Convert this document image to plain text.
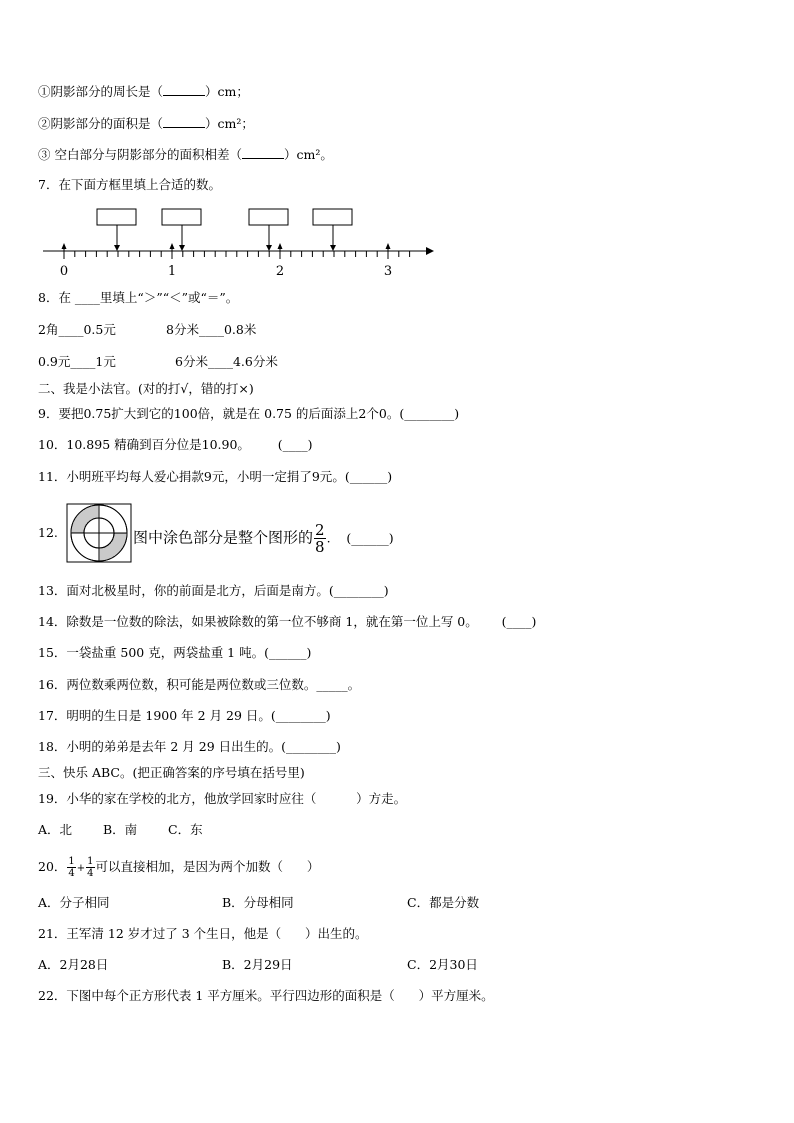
①阴影部分的周长是（	）cm；
②阴影部分的面积是（	）cm²；
③ 空白部分与阴影部分的面积相差（	）cm²。
7．在下面方框里填上合适的数。
0	1	2	3
8．在 ____里填上“＞”“＜”或“＝”。
2角____0.5元	8分米____0.8米
0.9元____1元	6分米____4.6分米
二、我是小法官。(对的打√，错的打×)
9．要把0.75扩大到它的100倍，就是在 0.75 的后面添上2个0。(________)
10．10.895 精确到百分位是10.90。       (____)
11．小明班平均每人爱心捐款9元，小明一定捐了9元。(______)
12.	图中涂色部分是整个图形的 $\frac{2}{8}$ .    (______)
13．面对北极星时，你的前面是北方，后面是南方。(________)
14．除数是一位数的除法，如果被除数的第一位不够商 1，就在第一位上写 0。      (____)
15．一袋盐重 500 克，两袋盐重 1 吨。(______)
16．两位数乘两位数，积可能是两位数或三位数。_____。
17．明明的生日是 1900 年 2 月 29 日。(________)
18．小明的弟弟是去年 2 月 29 日出生的。(________)
三、快乐 ABC。(把正确答案的序号填在括号里)
19．小华的家在学校的北方，他放学回家时应往（          ）方走。
A．北 B．南 C．东
20． $\frac{1}{4} + \frac{1}{4}$ 可以直接相加，是因为两个加数（      ）
A．分子相同	B．分母相同	C．都是分数
21．王军清 12 岁才过了 3 个生日，他是（      ）出生的。
A．2月28日	B．2月29日	C．2月30日
22．下图中每个正方形代表 1 平方厘米。平行四边形的面积是（      ）平方厘米。
